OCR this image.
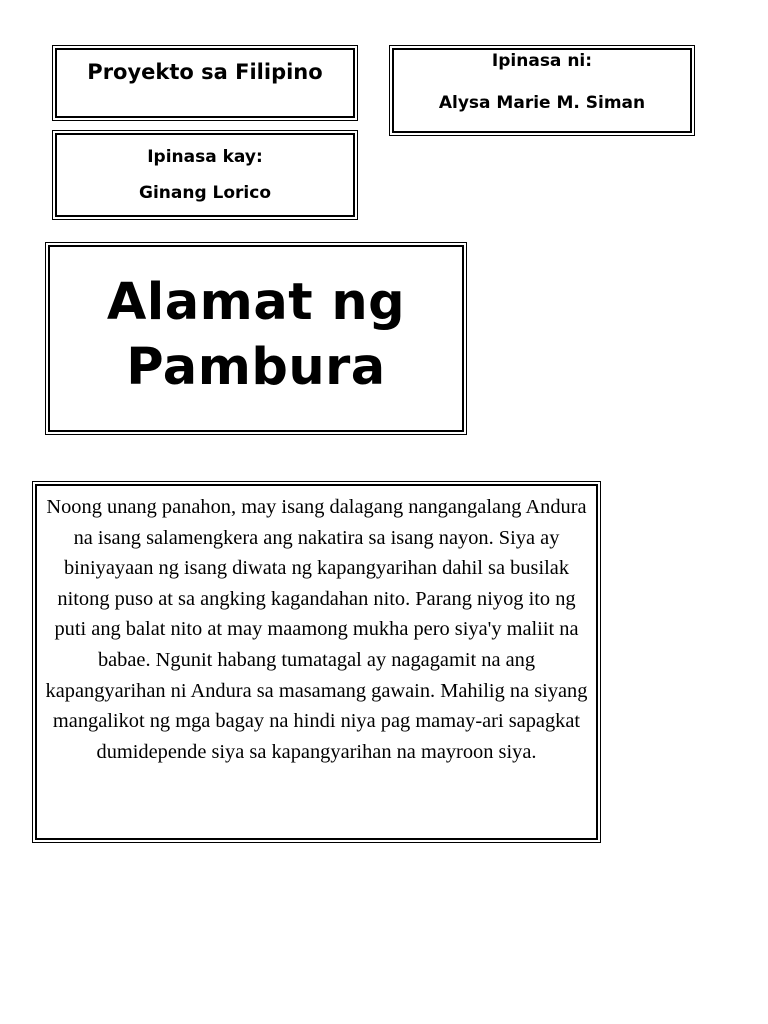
Proyekto sa Filipino	Ipinasa ni:
Alysa Marie M. Siman
Ipinasa kay:
Ginang Lorico
Alamat ng
Pambura
Noong unang panahon, may isang dalagang nangangalang Andura na isang salamengkera ang nakatira sa isang nayon. Siya ay biniyayaan ng isang diwata ng kapangyarihan dahil sa busilak nitong puso at sa angking kagandahan nito. Parang niyog ito ng puti ang balat nito at may maamong mukha pero siya'y maliit na babae. Ngunit habang tumatagal ay nagagamit na ang kapangyarihan ni Andura sa masamang gawain. Mahilig na siyang mangalikot ng mga bagay na hindi niya pag mamay-ari sapagkat dumidepende siya sa kapangyarihan na mayroon siya.
